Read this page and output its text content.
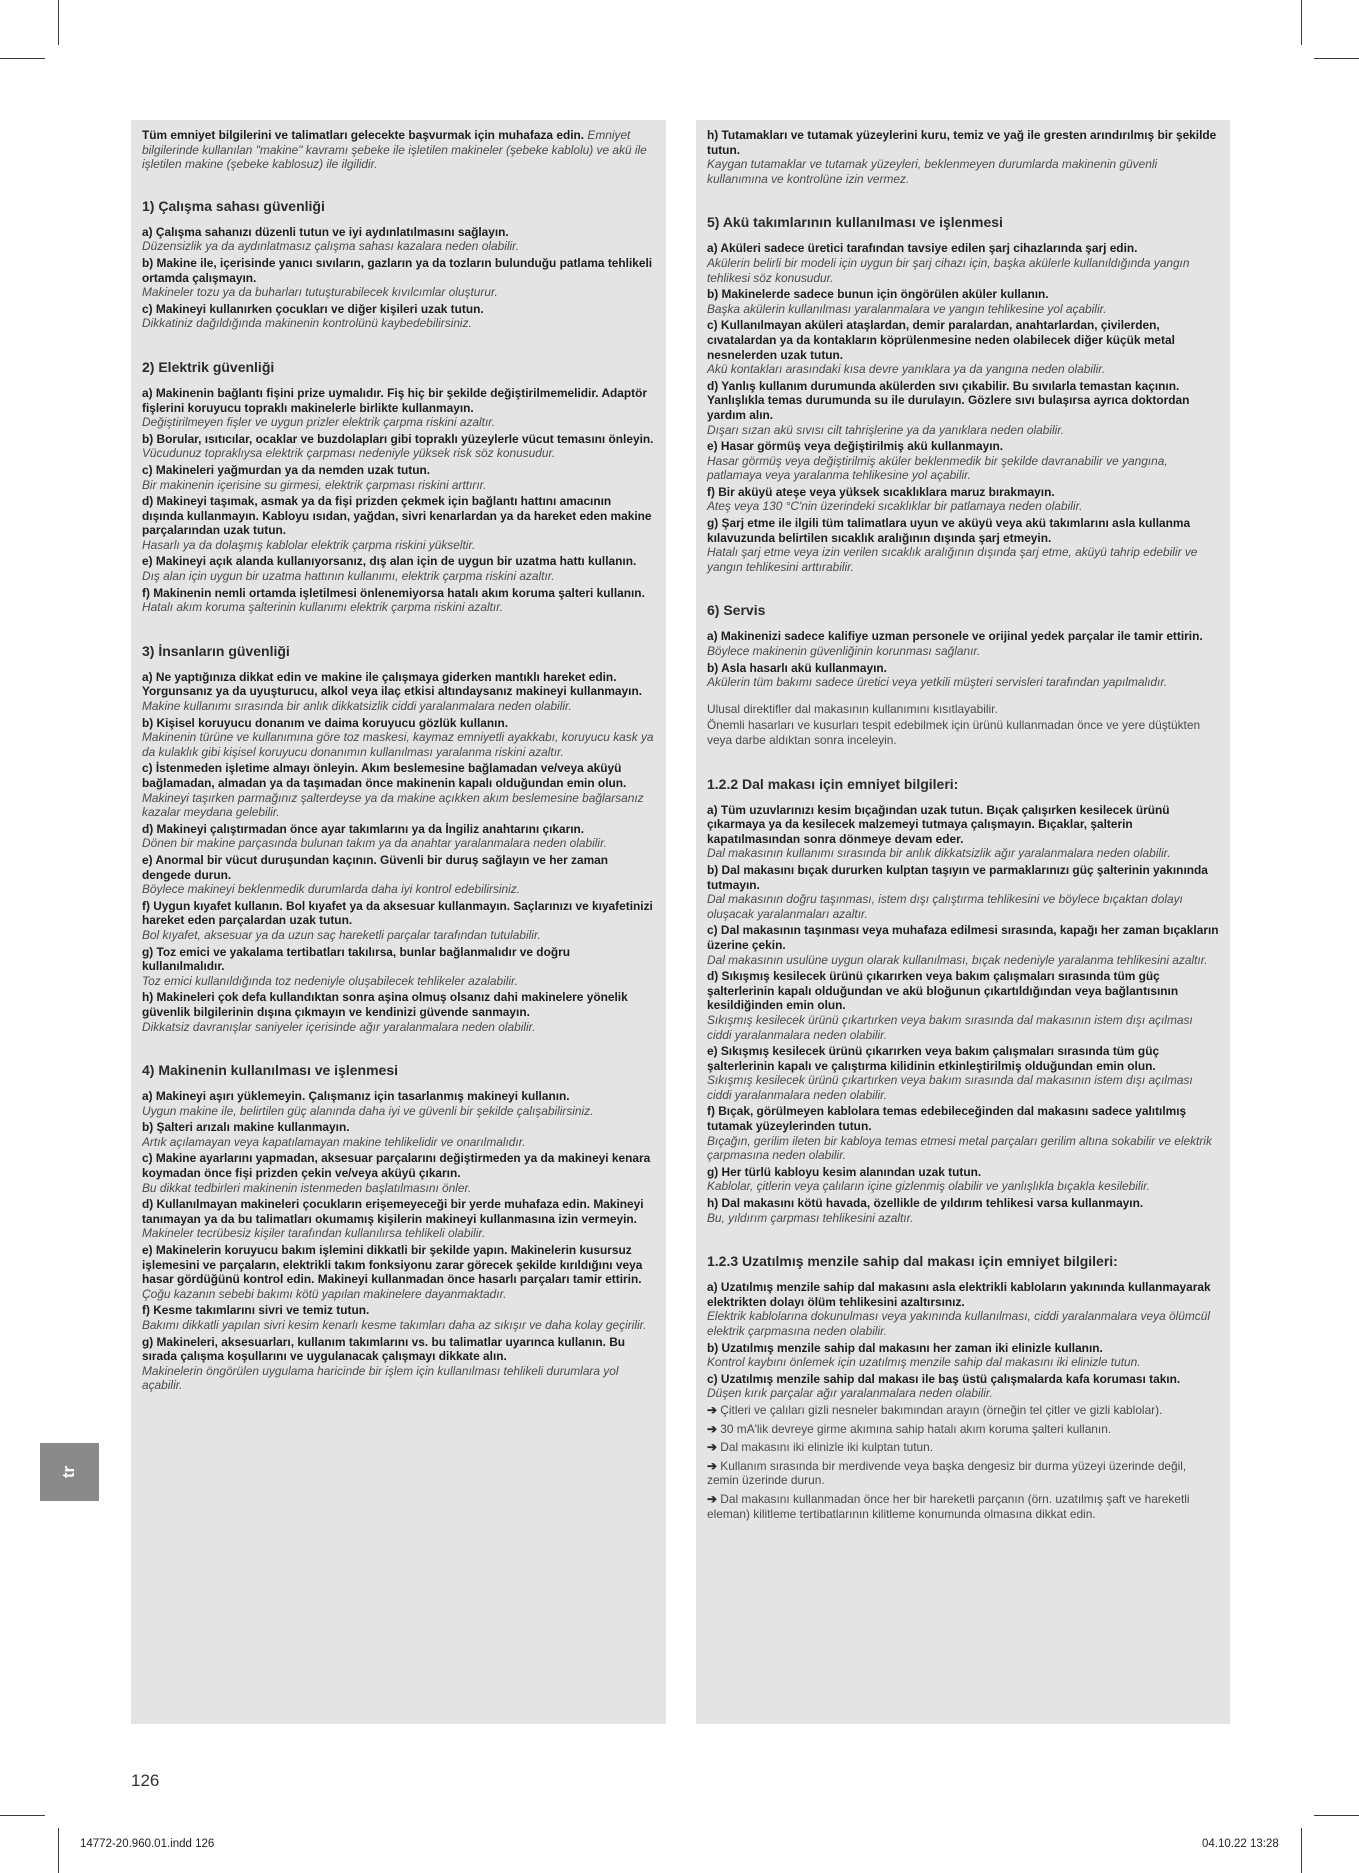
Tüm emniyet bilgilerini ve talimatları gelecekte başvurmak için muhafaza edin. Emniyet bilgilerinde kullanılan "makine" kavramı şebeke ile işletilen makineler (şebeke kablolu) ve akü ile işletilen makine (şebeke kablosuz) ile ilgilidir.

1) Çalışma sahası güvenliği

a) Çalışma sahanızı düzenli tutun ve iyi aydınlatılmasını sağlayın.
Düzensizlik ya da aydınlatmasız çalışma sahası kazalara neden olabilir.

b) Makine ile, içerisinde yanıcı sıvıların, gazların ya da tozların bulunduğu patlama tehlikeli ortamda çalışmayın.
Makineler tozu ya da buharları tutuşturabilecek kıvılcımlar oluşturur.

c) Makineyi kullanırken çocukları ve diğer kişileri uzak tutun.
Dikkatiniz dağıldığında makinenin kontrolünü kaybedebilirsiniz.

2) Elektrik güvenliği

a) Makinenin bağlantı fişini prize uymalıdır. Fiş hiç bir şekilde değiştirilmemelidir. Adaptör fişlerini koruyucu topraklı makinelerle birlikte kullanmayın.
Değiştirilmeyen fişler ve uygun prizler elektrik çarpma riskini azaltır.

b) Borular, ısıtıcılar, ocaklar ve buzdolapları gibi topraklı yüzeylerle vücut temasını önleyin.
Vücudunuz topraklıysa elektrik çarpması nedeniyle yüksek risk söz konusudur.

c) Makineleri yağmurdan ya da nemden uzak tutun.
Bir makinenin içerisine su girmesi, elektrik çarpması riskini arttırır.

d) Makineyi taşımak, asmak ya da fişi prizden çekmek için bağlantı hattını amacının dışında kullanmayın. Kabloyu ısıdan, yağdan, sivri kenarlardan ya da hareket eden makine parçalarından uzak tutun.
Hasarlı ya da dolaşmış kablolar elektrik çarpma riskini yükseltir.

e) Makineyi açık alanda kullanıyorsanız, dış alan için de uygun bir uzatma hattı kullanın.
Dış alan için uygun bir uzatma hattının kullanımı, elektrik çarpma riskini azaltır.

f) Makinenin nemli ortamda işletilmesi önlenemiyorsa hatalı akım koruma şalteri kullanın.
Hatalı akım koruma şalterinin kullanımı elektrik çarpma riskini azaltır.

3) İnsanların güvenliği

a) Ne yaptığınıza dikkat edin ve makine ile çalışmaya giderken mantıklı hareket edin. Yorgunsanız ya da uyuşturucu, alkol veya ilaç etkisi altındaysanız makineyi kullanmayın.
Makine kullanımı sırasında bir anlık dikkatsizlik ciddi yaralanmalara neden olabilir.

b) Kişisel koruyucu donanım ve daima koruyucu gözlük kullanın.
Makinenin türüne ve kullanımına göre toz maskesi, kaymaz emniyetli ayakkabı, koruyucu kask ya da kulaklık gibi kişisel koruyucu donanımın kullanılması yaralanma riskini azaltır.

c) İstenmeden işletime almayı önleyin. Akım beslemesine bağlamadan ve/veya aküyü bağlamadan, almadan ya da taşımadan önce makinenin kapalı olduğundan emin olun.
Makineyi taşırken parmağınız şalterdeyse ya da makine açıkken akım beslemesine bağlarsanız kazalar meydana gelebilir.

d) Makineyi çalıştırmadan önce ayar takımlarını ya da İngiliz anahtarını çıkarın.
Dönen bir makine parçasında bulunan takım ya da anahtar yaralanmalara neden olabilir.

e) Anormal bir vücut duruşundan kaçının. Güvenli bir duruş sağlayın ve her zaman dengede durun.
Böylece makineyi beklenmedik durumlarda daha iyi kontrol edebilirsiniz.

f) Uygun kıyafet kullanın. Bol kıyafet ya da aksesuar kullanmayın. Saçlarınızı ve kıyafetinizi hareket eden parçalardan uzak tutun.
Bol kıyafet, aksesuar ya da uzun saç hareketli parçalar tarafından tutulabilir.

g) Toz emici ve yakalama tertibatları takılırsa, bunlar bağlanmalıdır ve doğru kullanılmalıdır.
Toz emici kullanıldığında toz nedeniyle oluşabilecek tehlikeler azalabilir.

h) Makineleri çok defa kullandıktan sonra aşina olmuş olsanız dahi makinelere yönelik güvenlik bilgilerinin dışına çıkmayın ve kendinizi güvende sanmayın.
Dikkatsiz davranışlar saniyeler içerisinde ağır yaralanmalara neden olabilir.

4) Makinenin kullanılması ve işlenmesi

a) Makineyi aşırı yüklemeyin. Çalışmanız için tasarlanmış makineyi kullanın.
Uygun makine ile, belirtilen güç alanında daha iyi ve güvenli bir şekilde çalışabilirsiniz.

b) Şalteri arızalı makine kullanmayın.
Artık açılamayan veya kapatılamayan makine tehlikelidir ve onarılmalıdır.

c) Makine ayarlarını yapmadan, aksesuar parçalarını değiştirmeden ya da makineyi kenara koymadan önce fişi prizden çekin ve/veya aküyü çıkarın.
Bu dikkat tedbirleri makinenin istenmeden başlatılmasını önler.

d) Kullanılmayan makineleri çocukların erişemeyeceği bir yerde muhafaza edin. Makineyi tanımayan ya da bu talimatları okumamış kişilerin makineyi kullanmasına izin vermeyin.
Makineler tecrübesiz kişiler tarafından kullanılırsa tehlikeli olabilir.

e) Makinelerin koruyucu bakım işlemini dikkatli bir şekilde yapın. Makinelerin kusursuz işlemesini ve parçaların, elektrikli takım fonksiyonu zarar görecek şekilde kırıldığını veya hasar gördüğünü kontrol edin. Makineyi kullanmadan önce hasarlı parçaları tamir ettirin.
Çoğu kazanın sebebi bakımı kötü yapılan makinelere dayanmaktadır.

f) Kesme takımlarını sivri ve temiz tutun.
Bakımı dikkatli yapılan sivri kesim kenarlı kesme takımları daha az sıkışır ve daha kolay geçirilir.

g) Makineleri, aksesuarları, kullanım takımlarını vs. bu talimatlar uyarınca kullanın. Bu sırada çalışma koşullarını ve uygulanacak çalışmayı dikkate alın.
Makinelerin öngörülen uygulama haricinde bir işlem için kullanılması tehlikeli durumlara yol açabilir.

h) Tutamakları ve tutamak yüzeylerini kuru, temiz ve yağ ile gresten arındırılmış bir şekilde tutun.
Kaygan tutamaklar ve tutamak yüzeyleri, beklenmeyen durumlarda makinenin güvenli kullanımına ve kontrolüne izin vermez.

5) Akü takımlarının kullanılması ve işlenmesi

a) Aküleri sadece üretici tarafından tavsiye edilen şarj cihazlarında şarj edin.
Akülerin belirli bir modeli için uygun bir şarj cihazı için, başka akülerle kullanıldığında yangın tehlikesi söz konusudur.

b) Makinelerde sadece bunun için öngörülen aküler kullanın.
Başka akülerin kullanılması yaralanmalara ve yangın tehlikesine yol açabilir.

c) Kullanılmayan aküleri ataşlardan, demir paralardan, anahtarlardan, çivilerden, cıvatalardan ya da kontakların köprülenmesine neden olabilecek diğer küçük metal nesnelerden uzak tutun.
Akü kontakları arasındaki kısa devre yanıklara ya da yangına neden olabilir.

d) Yanlış kullanım durumunda akülerden sıvı çıkabilir. Bu sıvılarla temastan kaçının. Yanlışlıkla temas durumunda su ile durulayın. Gözlere sıvı bulaşırsa ayrıca doktordan yardım alın.
Dışarı sızan akü sıvısı cilt tahrişlerine ya da yanıklara neden olabilir.

e) Hasar görmüş veya değiştirilmiş akü kullanmayın.
Hasar görmüş veya değiştirilmiş aküler beklenmedik bir şekilde davranabilir ve yangına, patlamaya veya yaralanma tehlikesine yol açabilir.

f) Bir aküyü ateşe veya yüksek sıcaklıklara maruz bırakmayın.
Ateş veya 130 °C'nin üzerindeki sıcaklıklar bir patlamaya neden olabilir.

g) Şarj etme ile ilgili tüm talimatlara uyun ve aküyü veya akü takımlarını asla kullanma kılavuzunda belirtilen sıcaklık aralığının dışında şarj etmeyin.
Hatalı şarj etme veya izin verilen sıcaklık aralığının dışında şarj etme, aküyü tahrip edebilir ve yangın tehlikesini arttırabilir.

6) Servis

a) Makinenizi sadece kalifiye uzman personele ve orijinal yedek parçalar ile tamir ettirin.
Böylece makinenin güvenliğinin korunması sağlanır.

b) Asla hasarlı akü kullanmayın.
Akülerin tüm bakımı sadece üretici veya yetkili müşteri servisleri tarafından yapılmalıdır.

Ulusal direktifler dal makasının kullanımını kısıtlayabilir.

Önemli hasarları ve kusurları tespit edebilmek için ürünü kullanmadan önce ve yere düştükten veya darbe aldıktan sonra inceleyin.

1.2.2 Dal makası için emniyet bilgileri:

a) Tüm uzuvlarınızı kesim bıçağından uzak tutun. Bıçak çalışırken kesilecek ürünü çıkarmaya ya da kesilecek malzemeyi tutmaya çalışmayın. Bıçaklar, şalterin kapatılmasından sonra dönmeye devam eder.
Dal makasının kullanımı sırasında bir anlık dikkatsizlik ağır yaralanmalara neden olabilir.

b) Dal makasını bıçak dururken kulptan taşıyın ve parmaklarınızı güç şalterinin yakınında tutmayın.
Dal makasının doğru taşınması, istem dışı çalıştırma tehlikesini ve böylece bıçaktan dolayı oluşacak yaralanmaları azaltır.

c) Dal makasının taşınması veya muhafaza edilmesi sırasında, kapağı her zaman bıçakların üzerine çekin.
Dal makasının usulüne uygun olarak kullanılması, bıçak nedeniyle yaralanma tehlikesini azaltır.

d) Sıkışmış kesilecek ürünü çıkarırken veya bakım çalışmaları sırasında tüm güç şalterlerinin kapalı olduğundan ve akü bloğunun çıkartıldığından veya bağlantısının kesildiğinden emin olun.
Sıkışmış kesilecek ürünü çıkartırken veya bakım sırasında dal makasının istem dışı açılması ciddi yaralanmalara neden olabilir.

e) Sıkışmış kesilecek ürünü çıkarırken veya bakım çalışmaları sırasında tüm güç şalterlerinin kapalı ve çalıştırma kilidinin etkinleştirilmiş olduğundan emin olun.
Sıkışmış kesilecek ürünü çıkartırken veya bakım sırasında dal makasının istem dışı açılması ciddi yaralanmalara neden olabilir.

f) Bıçak, görülmeyen kablolara temas edebileceğinden dal makasını sadece yalıtılmış tutamak yüzeylerinden tutun.
Bıçağın, gerilim ileten bir kabloya temas etmesi metal parçaları gerilim altına sokabilir ve elektrik çarpmasına neden olabilir.

g) Her türlü kabloyu kesim alanından uzak tutun.
Kablolar, çitlerin veya çalıların içine gizlenmiş olabilir ve yanlışlıkla bıçakla kesilebilir.

h) Dal makasını kötü havada, özellikle de yıldırım tehlikesi varsa kullanmayın.
Bu, yıldırım çarpması tehlikesini azaltır.

1.2.3 Uzatılmış menzile sahip dal makası için emniyet bilgileri:

a) Uzatılmış menzile sahip dal makasını asla elektrikli kabloların yakınında kullanmayarak elektrikten dolayı ölüm tehlikesini azaltırsınız.
Elektrik kablolarına dokunulması veya yakınında kullanılması, ciddi yaralanmalara veya ölümcül elektrik çarpmasına neden olabilir.

b) Uzatılmış menzile sahip dal makasını her zaman iki elinizle kullanın.
Kontrol kaybını önlemek için uzatılmış menzile sahip dal makasını iki elinizle tutun.

c) Uzatılmış menzile sahip dal makası ile baş üstü çalışmalarda kafa koruması takın.
Düşen kırık parçalar ağır yaralanmalara neden olabilir.

➔ Çitleri ve çalıları gizli nesneler bakımından arayın (örneğin tel çitler ve gizli kablolar).

➔ 30 mA'lik devreye girme akımına sahip hatalı akım koruma şalteri kullanın.

➔ Dal makasını iki elinizle iki kulptan tutun.

➔ Kullanım sırasında bir merdivende veya başka dengesiz bir durma yüzeyi üzerinde değil, zemin üzerinde durun.

➔ Dal makasını kullanmadan önce her bir hareketli parçanın (örn. uzatılmış şaft ve hareketli eleman) kilitleme tertibatlarının kilitleme konumunda olmasına dikkat edin.

tr
126
14772-20.960.01.indd 126	04.10.22 13:28
